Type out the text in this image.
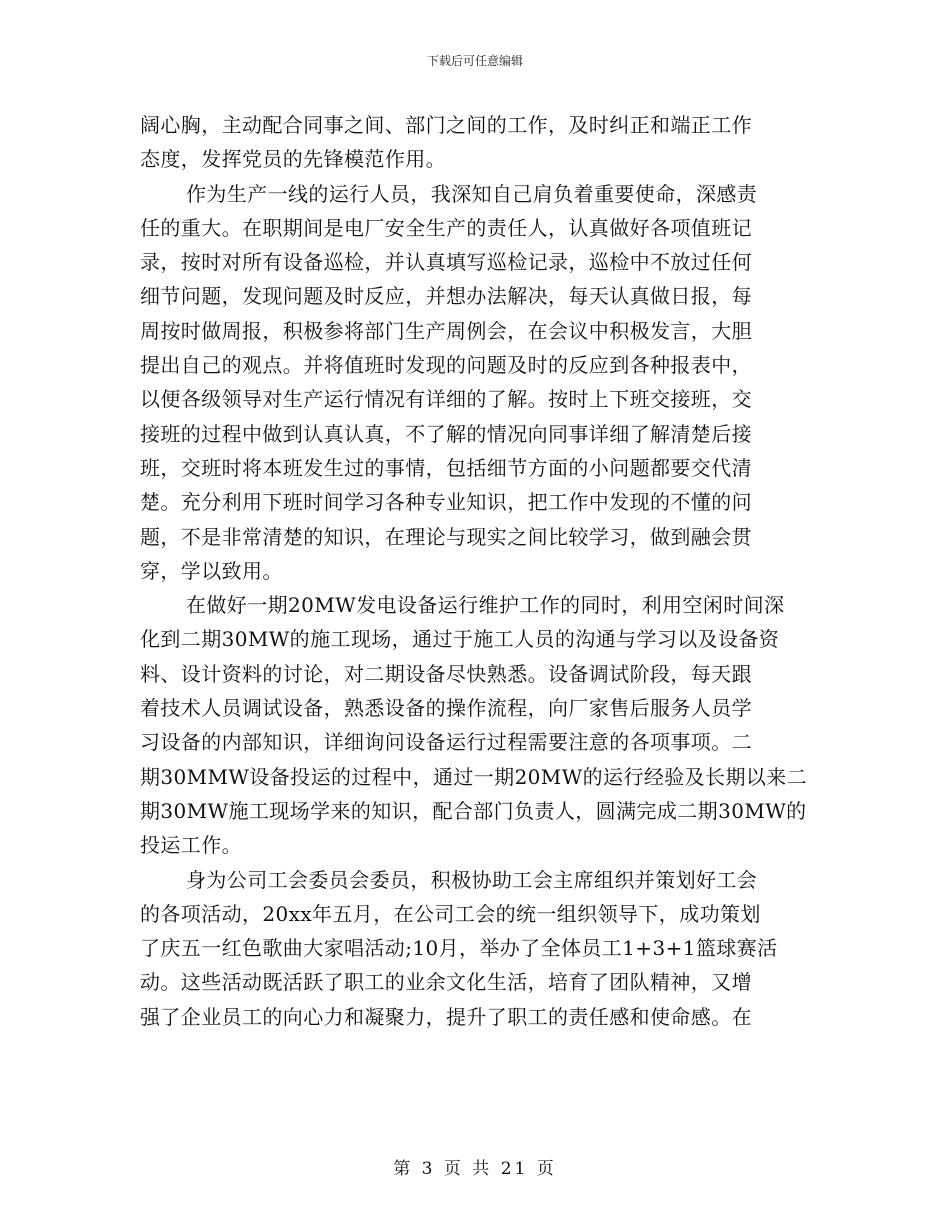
下载后可任意编辑
阔心胸，主动配合同事之间、部门之间的工作，及时纠正和端正工作
态度，发挥党员的先锋模范作用。
作为生产一线的运行人员，我深知自己肩负着重要使命，深感责
任的重大。在职期间是电厂安全生产的责任人，认真做好各项值班记
录，按时对所有设备巡检，并认真填写巡检记录，巡检中不放过任何
细节问题，发现问题及时反应，并想办法解决，每天认真做日报，每
周按时做周报，积极参将部门生产周例会，在会议中积极发言，大胆
提出自己的观点。并将值班时发现的问题及时的反应到各种报表中，
以便各级领导对生产运行情况有详细的了解。按时上下班交接班，交
接班的过程中做到认真认真，不了解的情况向同事详细了解清楚后接
班，交班时将本班发生过的事情，包括细节方面的小问题都要交代清
楚。充分利用下班时间学习各种专业知识，把工作中发现的不懂的问
题，不是非常清楚的知识，在理论与现实之间比较学习，做到融会贯
穿，学以致用。
在做好一期20MW发电设备运行维护工作的同时，利用空闲时间深
化到二期30MW的施工现场，通过于施工人员的沟通与学习以及设备资
料、设计资料的讨论，对二期设备尽快熟悉。设备调试阶段，每天跟
着技术人员调试设备，熟悉设备的操作流程，向厂家售后服务人员学
习设备的内部知识，详细询问设备运行过程需要注意的各项事项。二
期30MMW设备投运的过程中，通过一期20MW的运行经验及长期以来二
期30MW施工现场学来的知识，配合部门负责人，圆满完成二期30MW的
投运工作。
身为公司工会委员会委员，积极协助工会主席组织并策划好工会
的各项活动，20xx年五月，在公司工会的统一组织领导下，成功策划
了庆五一红色歌曲大家唱活动;10月，举办了全体员工1+3+1篮球赛活
动。这些活动既活跃了职工的业余文化生活，培育了团队精神，又增
强了企业员工的向心力和凝聚力，提升了职工的责任感和使命感。在
第 3 页 共 21 页
